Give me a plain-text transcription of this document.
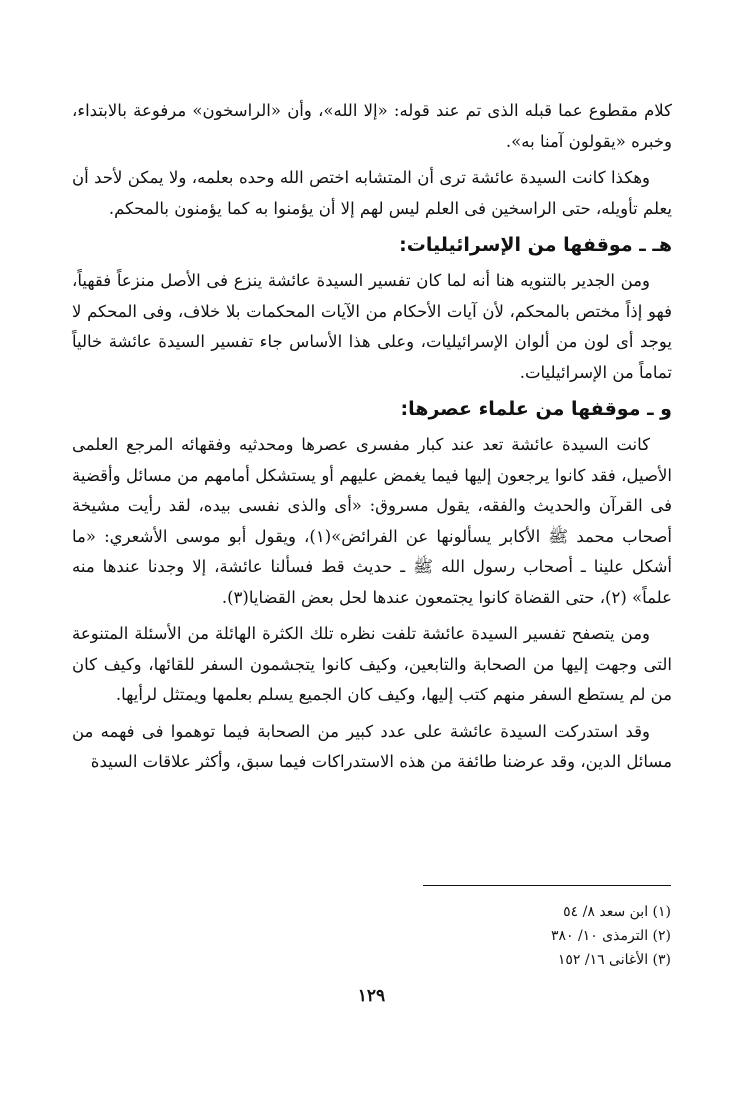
كلام مقطوع عما قبله الذى تم عند قوله: «إلا الله»، وأن «الراسخون» مرفوعة بالابتداء، وخبره «يقولون آمنا به».

وهكذا كانت السيدة عائشة ترى أن المتشابه اختص الله وحده بعلمه، ولا يمكن لأحد أن يعلم تأويله، حتى الراسخين فى العلم ليس لهم إلا أن يؤمنوا به كما يؤمنون بالمحكم.

هـ ـ موقفها من الإسرائيليات:

ومن الجدير بالتنويه هنا أنه لما كان تفسير السيدة عائشة ينزع فى الأصل منزعاً فقهياً، فهو إذاً مختص بالمحكم، لأن آيات الأحكام من الآيات المحكمات بلا خلاف، وفى المحكم لا يوجد أى لون من ألوان الإسرائيليات، وعلى هذا الأساس جاء تفسير السيدة عائشة خالياً تماماً من الإسرائيليات.

و ـ موقفها من علماء عصرها:

كانت السيدة عائشة تعد عند كبار مفسرى عصرها ومحدثيه وفقهائه المرجع العلمى الأصيل، فقد كانوا يرجعون إليها فيما يغمض عليهم أو يستشكل أمامهم من مسائل وأقضية فى القرآن والحديث والفقه، يقول مسروق: «أى والذى نفسى بيده، لقد رأيت مشيخة أصحاب محمد ﷺ الأكابر يسألونها عن الفرائض»(١)، ويقول أبو موسى الأشعري: «ما أشكل علينا ـ أصحاب رسول الله ﷺ ـ حديث قط فسألنا عائشة، إلا وجدنا عندها منه علماً» (٢)، حتى القضاة كانوا يجتمعون عندها لحل بعض القضايا(٣).

ومن يتصفح تفسير السيدة عائشة تلفت نظره تلك الكثرة الهائلة من الأسئلة المتنوعة التى وجهت إليها من الصحابة والتابعين، وكيف كانوا يتجشمون السفر للقائها، وكيف كان من لم يستطع السفر منهم كتب إليها، وكيف كان الجميع يسلم بعلمها ويمتثل لرأيها.

وقد استدركت السيدة عائشة على عدد كبير من الصحابة فيما توهموا فى فهمه من مسائل الدين، وقد عرضنا طائفة من هذه الاستدراكات فيما سبق، وأكثر علاقات السيدة

(١) ابن سعد ٨/ ٥٤

(٢) الترمذى ١٠/ ٣٨٠

(٣) الأغانى ١٦/ ١٥٢

١٢٩
